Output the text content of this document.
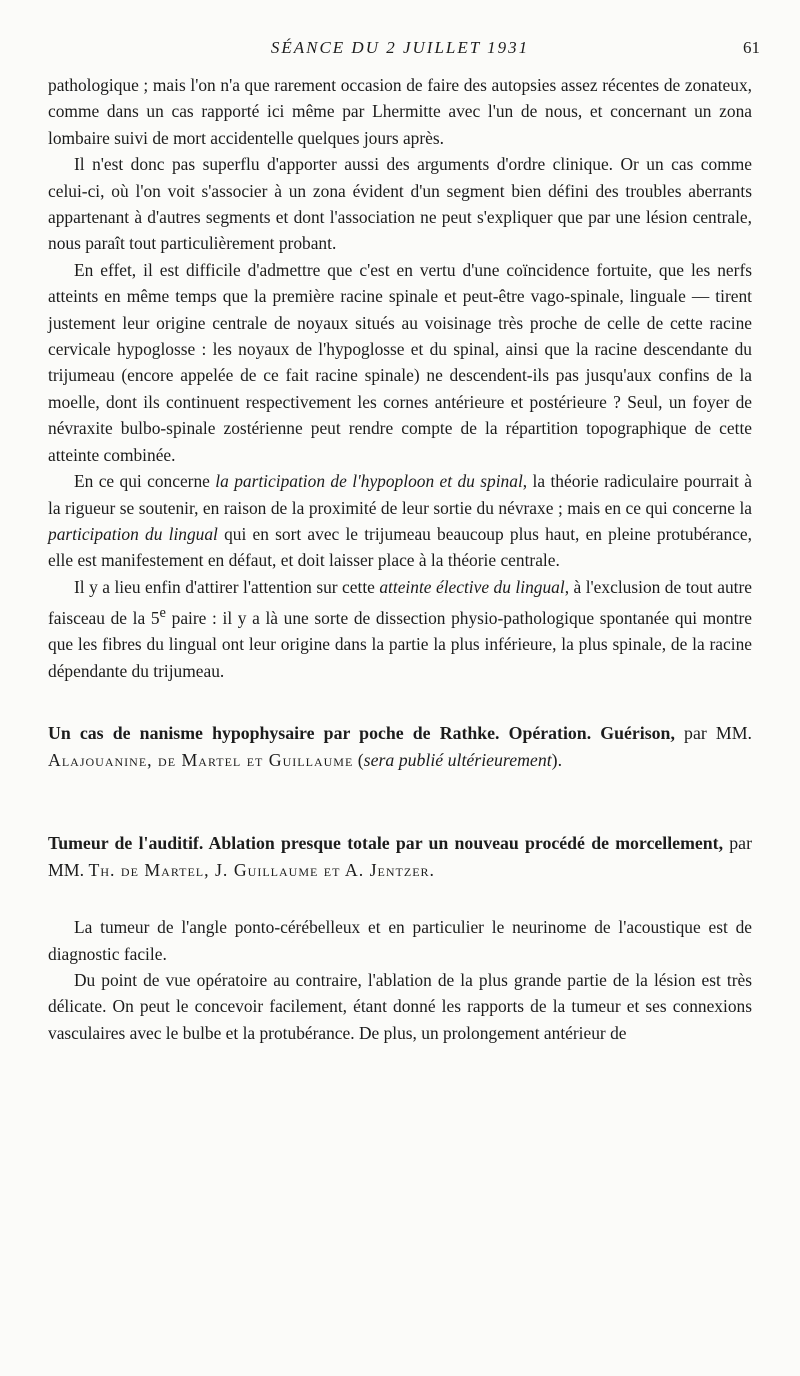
SÉANCE DU 2 JUILLET 1931	61

pathologique ; mais l'on n'a que rarement occasion de faire des autopsies assez récentes de zonateux, comme dans un cas rapporté ici même par Lhermitte avec l'un de nous, et concernant un zona lombaire suivi de mort accidentelle quelques jours après.

Il n'est donc pas superflu d'apporter aussi des arguments d'ordre clinique. Or un cas comme celui-ci, où l'on voit s'associer à un zona évident d'un segment bien défini des troubles aberrants appartenant à d'autres segments et dont l'association ne peut s'expliquer que par une lésion centrale, nous paraît tout particulièrement probant.

En effet, il est difficile d'admettre que c'est en vertu d'une coïncidence fortuite, que les nerfs atteints en même temps que la première racine spinale et peut-être vago-spinale, linguale — tirent justement leur origine centrale de noyaux situés au voisinage très proche de celle de cette racine cervicale hypoglosse : les noyaux de l'hypoglosse et du spinal, ainsi que la racine descendante du trijumeau (encore appelée de ce fait racine spinale) ne descendent-ils pas jusqu'aux confins de la moelle, dont ils continuent respectivement les cornes antérieure et postérieure ? Seul, un foyer de névraxite bulbo-spinale zostérienne peut rendre compte de la répartition topographique de cette atteinte combinée.

En ce qui concerne la participation de l'hypoploon et du spinal, la théorie radiculaire pourrait à la rigueur se soutenir, en raison de la proximité de leur sortie du névraxe ; mais en ce qui concerne la participation du lingual qui en sort avec le trijumeau beaucoup plus haut, en pleine protubérance, elle est manifestement en défaut, et doit laisser place à la théorie centrale.

Il y a lieu enfin d'attirer l'attention sur cette atteinte élective du lingual, à l'exclusion de tout autre faisceau de la 5e paire : il y a là une sorte de dissection physio-pathologique spontanée qui montre que les fibres du lingual ont leur origine dans la partie la plus inférieure, la plus spinale, de la racine dépendante du trijumeau.

Un cas de nanisme hypophysaire par poche de Rathke. Opération. Guérison, par MM. Alajouanine, de Martel et Guillaume (sera publié ultérieurement).

Tumeur de l'auditif. Ablation presque totale par un nouveau procédé de morcellement, par MM. Th. de Martel, J. Guillaume et A. Jentzer.

La tumeur de l'angle ponto-cérébelleux et en particulier le neurinome de l'acoustique est de diagnostic facile.

Du point de vue opératoire au contraire, l'ablation de la plus grande partie de la lésion est très délicate. On peut le concevoir facilement, étant donné les rapports de la tumeur et ses connexions vasculaires avec le bulbe et la protubérance. De plus, un prolongement antérieur de
